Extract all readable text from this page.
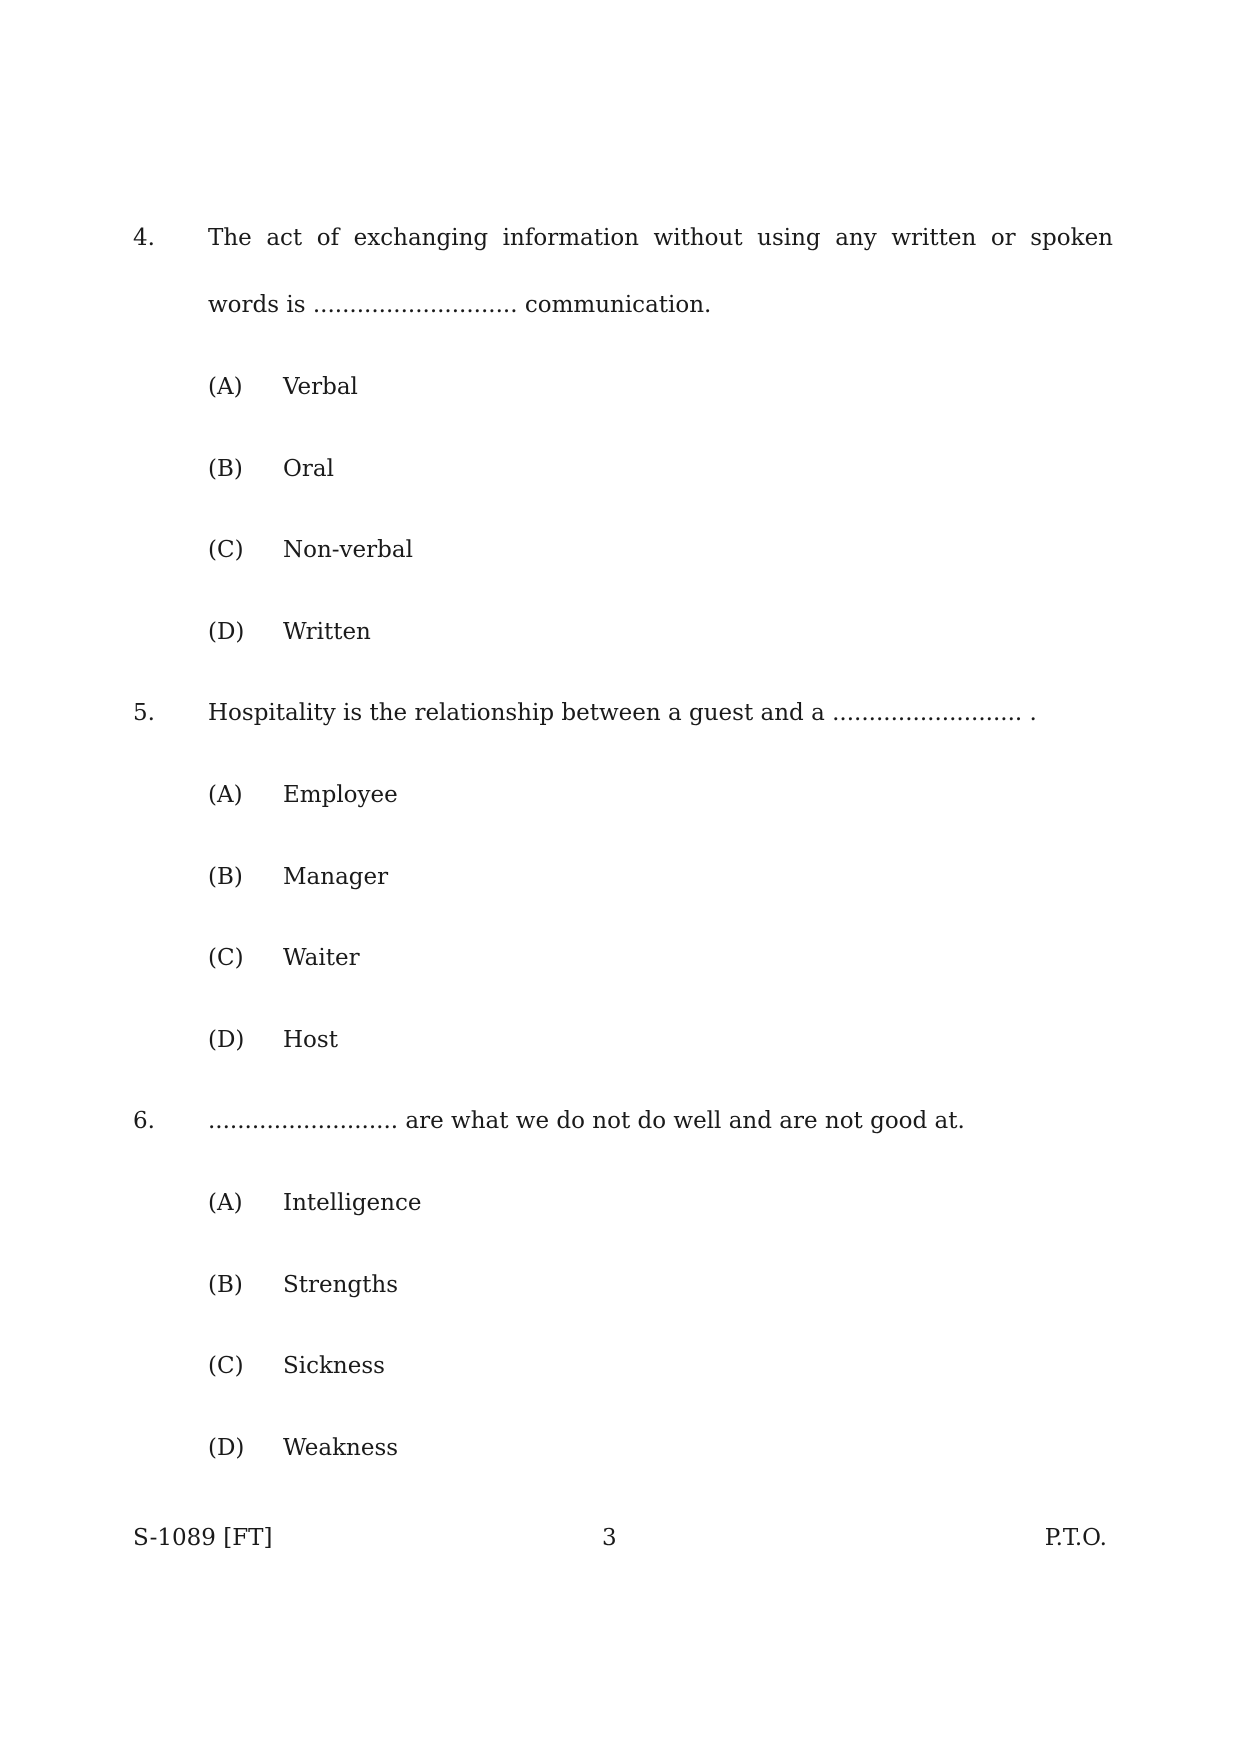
4. The act of exchanging information without using any written or spoken
words is ............................ communication.
(A) Verbal
(B) Oral
(C) Non-verbal
(D) Written
5. Hospitality is the relationship between a guest and a .......................... .
(A) Employee
(B) Manager
(C) Waiter
(D) Host
6. .......................... are what we do not do well and are not good at.
(A) Intelligence
(B) Strengths
(C) Sickness
(D) Weakness
S-1089 [FT]	3	P.T.O.
